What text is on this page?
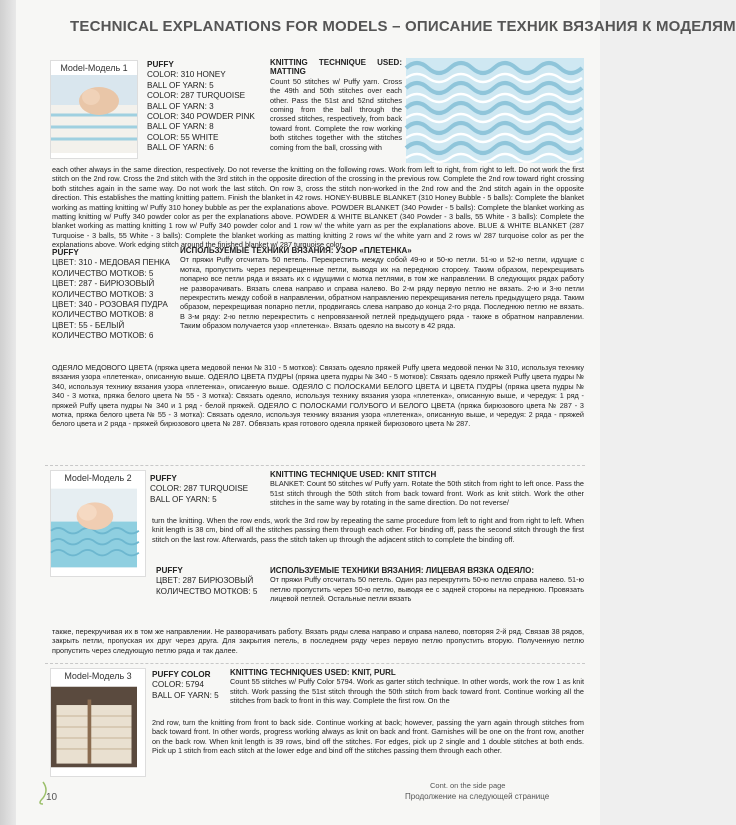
TECHNICAL EXPLANATIONS FOR MODELS – ОПИСАНИЕ ТЕХНИК ВЯЗАНИЯ К МОДЕЛЯМ
Model-Модель 1	PUFFY
COLOR: 310 HONEY
BALL OF YARN: 5
COLOR: 287 TURQUOISE
BALL OF YARN: 3
COLOR: 340 POWDER PINK
BALL OF YARN: 8
COLOR: 55 WHITE
BALL OF YARN: 6
KNITTING TECHNIQUE USED: MATTING
Count 50 stitches w/ Puffy yarn. Cross the 49th and 50th stitches over each other. Pass the 51st and 52nd stitches coming from the ball through the crossed stitches, respectively, from back toward front. Complete the row working both stitches together with the stitches coming from the ball, crossing with
each other always in the same direction, respectively. Do not reverse the knitting on the following rows. Work from left to right, from right to left. Do not work the first stitch on the 2nd row. Cross the 2nd stitch with the 3rd stitch in the opposite direction of the crossing in the previous row. Complete the 2nd row toward right crossing both stitches again in the same way. Do not work the last stitch. On row 3, cross the stitch non-worked in the 2nd row and the 2nd stitch again in the opposite direction. This establishes the matting knitting pattern. Finish the blanket in 42 rows. HONEY-BUBBLE BLANKET (310 Honey Bubble - 5 balls): Complete the blanket working as matting knitting w/ Puffy 310 honey bubble as per the explanations above. POWDER BLANKET (340 Powder - 5 balls): Complete the blanket working as matting knitting w/ Puffy 340 powder color as per the explanations above. POWDER & WHITE BLANKET (340 Powder - 3 balls, 55 White - 3 balls): Complete the blanket working as matting knitting 1 row w/ Puffy 340 powder color and 1 row w/ the white yarn as per the explanations above. BLUE & WHITE BLANKET (287 Turquoise - 3 balls, 55 White - 3 balls): Complete the blanket working as matting knitting 2 rows w/ the white yarn and 2 rows w/ 287 turquoise color as per the explanations above. Work edging stitch around the finished blanket w/ 287 turquoise color.
PUFFY
ЦВЕТ: 310 - МЕДОВАЯ ПЕНКА
КОЛИЧЕСТВО МОТКОВ: 5
ЦВЕТ: 287 - БИРЮЗОВЫЙ
КОЛИЧЕСТВО МОТКОВ: 3
ЦВЕТ: 340 - РОЗОВАЯ ПУДРА
КОЛИЧЕСТВО МОТКОВ: 8
ЦВЕТ: 55 - БЕЛЫЙ
КОЛИЧЕСТВО МОТКОВ: 6
ИСПОЛЬЗУЕМЫЕ ТЕХНИКИ ВЯЗАНИЯ: УЗОР «ПЛЕТЕНКА»
От пряжи Puffy отсчитать 50 петель. Перекрестить между собой 49-ю и 50-ю петли. 51-ю и 52-ю петли, идущие с мотка, пропустить через перекрещенные петли, выводя их на переднюю сторону. Таким образом, перекрещивать попарно все петли ряда и вязать их с идущими с мотка петлями, в том же направлении. В следующих рядах работу не разворачивать. Вязать слева направо и справа налево. Во 2-м ряду первую петлю не вязать. 2-ю и 3-ю петли перекрестить между собой в направлении, обратном направлению перекрещивания петель предыдущего ряда. Таким образом, перекрещивая попарно петли, продвигаясь слева направо до конца 2-го ряда. Последнюю петлю не вязать. В 3-м ряду: 2-ю петлю перекрестить с непровязанной петлей предыдущего ряда - также в обратном направлении. Таким образом получается узор «плетенка». Вязать одеяло на высоту в 42 ряда.
ОДЕЯЛО МЕДОВОГО ЦВЕТА (пряжа цвета медовой пенки № 310 - 5 мотков): Связать одеяло пряжей Puffy цвета медовой пенки № 310, используя технику вязания узора «плетенка», описанную выше. ОДЕЯЛО ЦВЕТА ПУДРЫ (пряжа цвета пудры № 340 - 5 мотков): Связать одеяло пряжей Puffy цвета пудры № 340, используя технику вязания узора «плетенка», описанную выше. ОДЕЯЛО С ПОЛОСКАМИ БЕЛОГО ЦВЕТА И ЦВЕТА ПУДРЫ (пряжа цвета пудры № 340 - 3 мотка, пряжа белого цвета № 55 - 3 мотка): Связать одеяло, используя технику вязания узора «плетенка», описанную выше, и чередуя: 1 ряд - пряжей Puffy цвета пудры № 340 и 1 ряд - белой пряжей. ОДЕЯЛО С ПОЛОСКАМИ ГОЛУБОГО И БЕЛОГО ЦВЕТА (пряжа бирюзового цвета № 287 - 3 мотка, пряжа белого цвета № 55 - 3 мотка): Связать одеяло, используя технику вязания узора «плетенка», описанную выше, и чередуя: 2 ряда - пряжей белого цвета и 2 ряда - пряжей бирюзового цвета № 287. Обвязать края готового одеяла пряжей бирюзового цвета № 287.
Model-Модель 2	PUFFY
COLOR: 287 TURQUOISE
BALL OF YARN: 5
KNITTING TECHNIQUE USED: KNIT STITCH
BLANKET: Count 50 stitches w/ Puffy yarn. Rotate the 50th stitch from right to left once. Pass the 51st stitch through the 50th stitch from back toward front. Work as knit stitch. Work the other stitches in the same way by rotating in the same direction. Do not reverse/
turn the knitting. When the row ends, work the 3rd row by repeating the same procedure from left to right and from right to left. When knit length is 38 cm, bind off all the stitches passing them through each other. For binding off, pass the second stitch through the first stitch on the last row. Afterwards, pass the stitch taken up through the adjacent stitch to complete the binding off.
PUFFY
ЦВЕТ: 287 БИРЮЗОВЫЙ
КОЛИЧЕСТВО МОТКОВ: 5
ИСПОЛЬЗУЕМЫЕ ТЕХНИКИ ВЯЗАНИЯ: ЛИЦЕВАЯ ВЯЗКА ОДЕЯЛО:
От пряжи Puffy отсчитать 50 петель. Один раз перекрутить 50-ю петлю справа налево. 51-ю петлю пропустить через 50-ю петлю, выводя ее с задней стороны на переднюю. Провязать лицевой петлей. Остальные петли вязать
также, перекручивая их в том же направлении. Не разворачивать работу. Вязать ряды слева направо и справа налево, повторяя 2-й ряд. Связав 38 рядов, закрыть петли, пропуская их друг через друга. Для закрытия петель, в последнем ряду через первую петлю пропустить вторую. Полученную петлю пропустить через следующую петлю ряда и так далее.
Model-Модель 3	PUFFY COLOR
COLOR: 5794
BALL OF YARN: 5
KNITTING TECHNIQUES USED: KNIT, PURL
Count 55 stitches w/ Puffy Color 5794. Work as garter stitch technique. In other words, work the row 1 as knit stitch. Work passing the 51st stitch through the 50th stitch from back toward front. Continue working all the stitches from back to front in this way. Complete the first row. On the
2nd row, turn the knitting from front to back side. Continue working at back; however, passing the yarn again through stitches from back toward front. In other words, progress working always as knit on back and front. Garnishes will be one on the front row, another on the back row. When knit length is 39 rows, bind off the stitches. For edges, pick up 2 single and 1 double stitches at both ends. Pick up 1 stitch from each stitch at the lower edge and bind off the stitches passing them through each other.
Cont. on the side page
Продолжение на следующей странице
10
